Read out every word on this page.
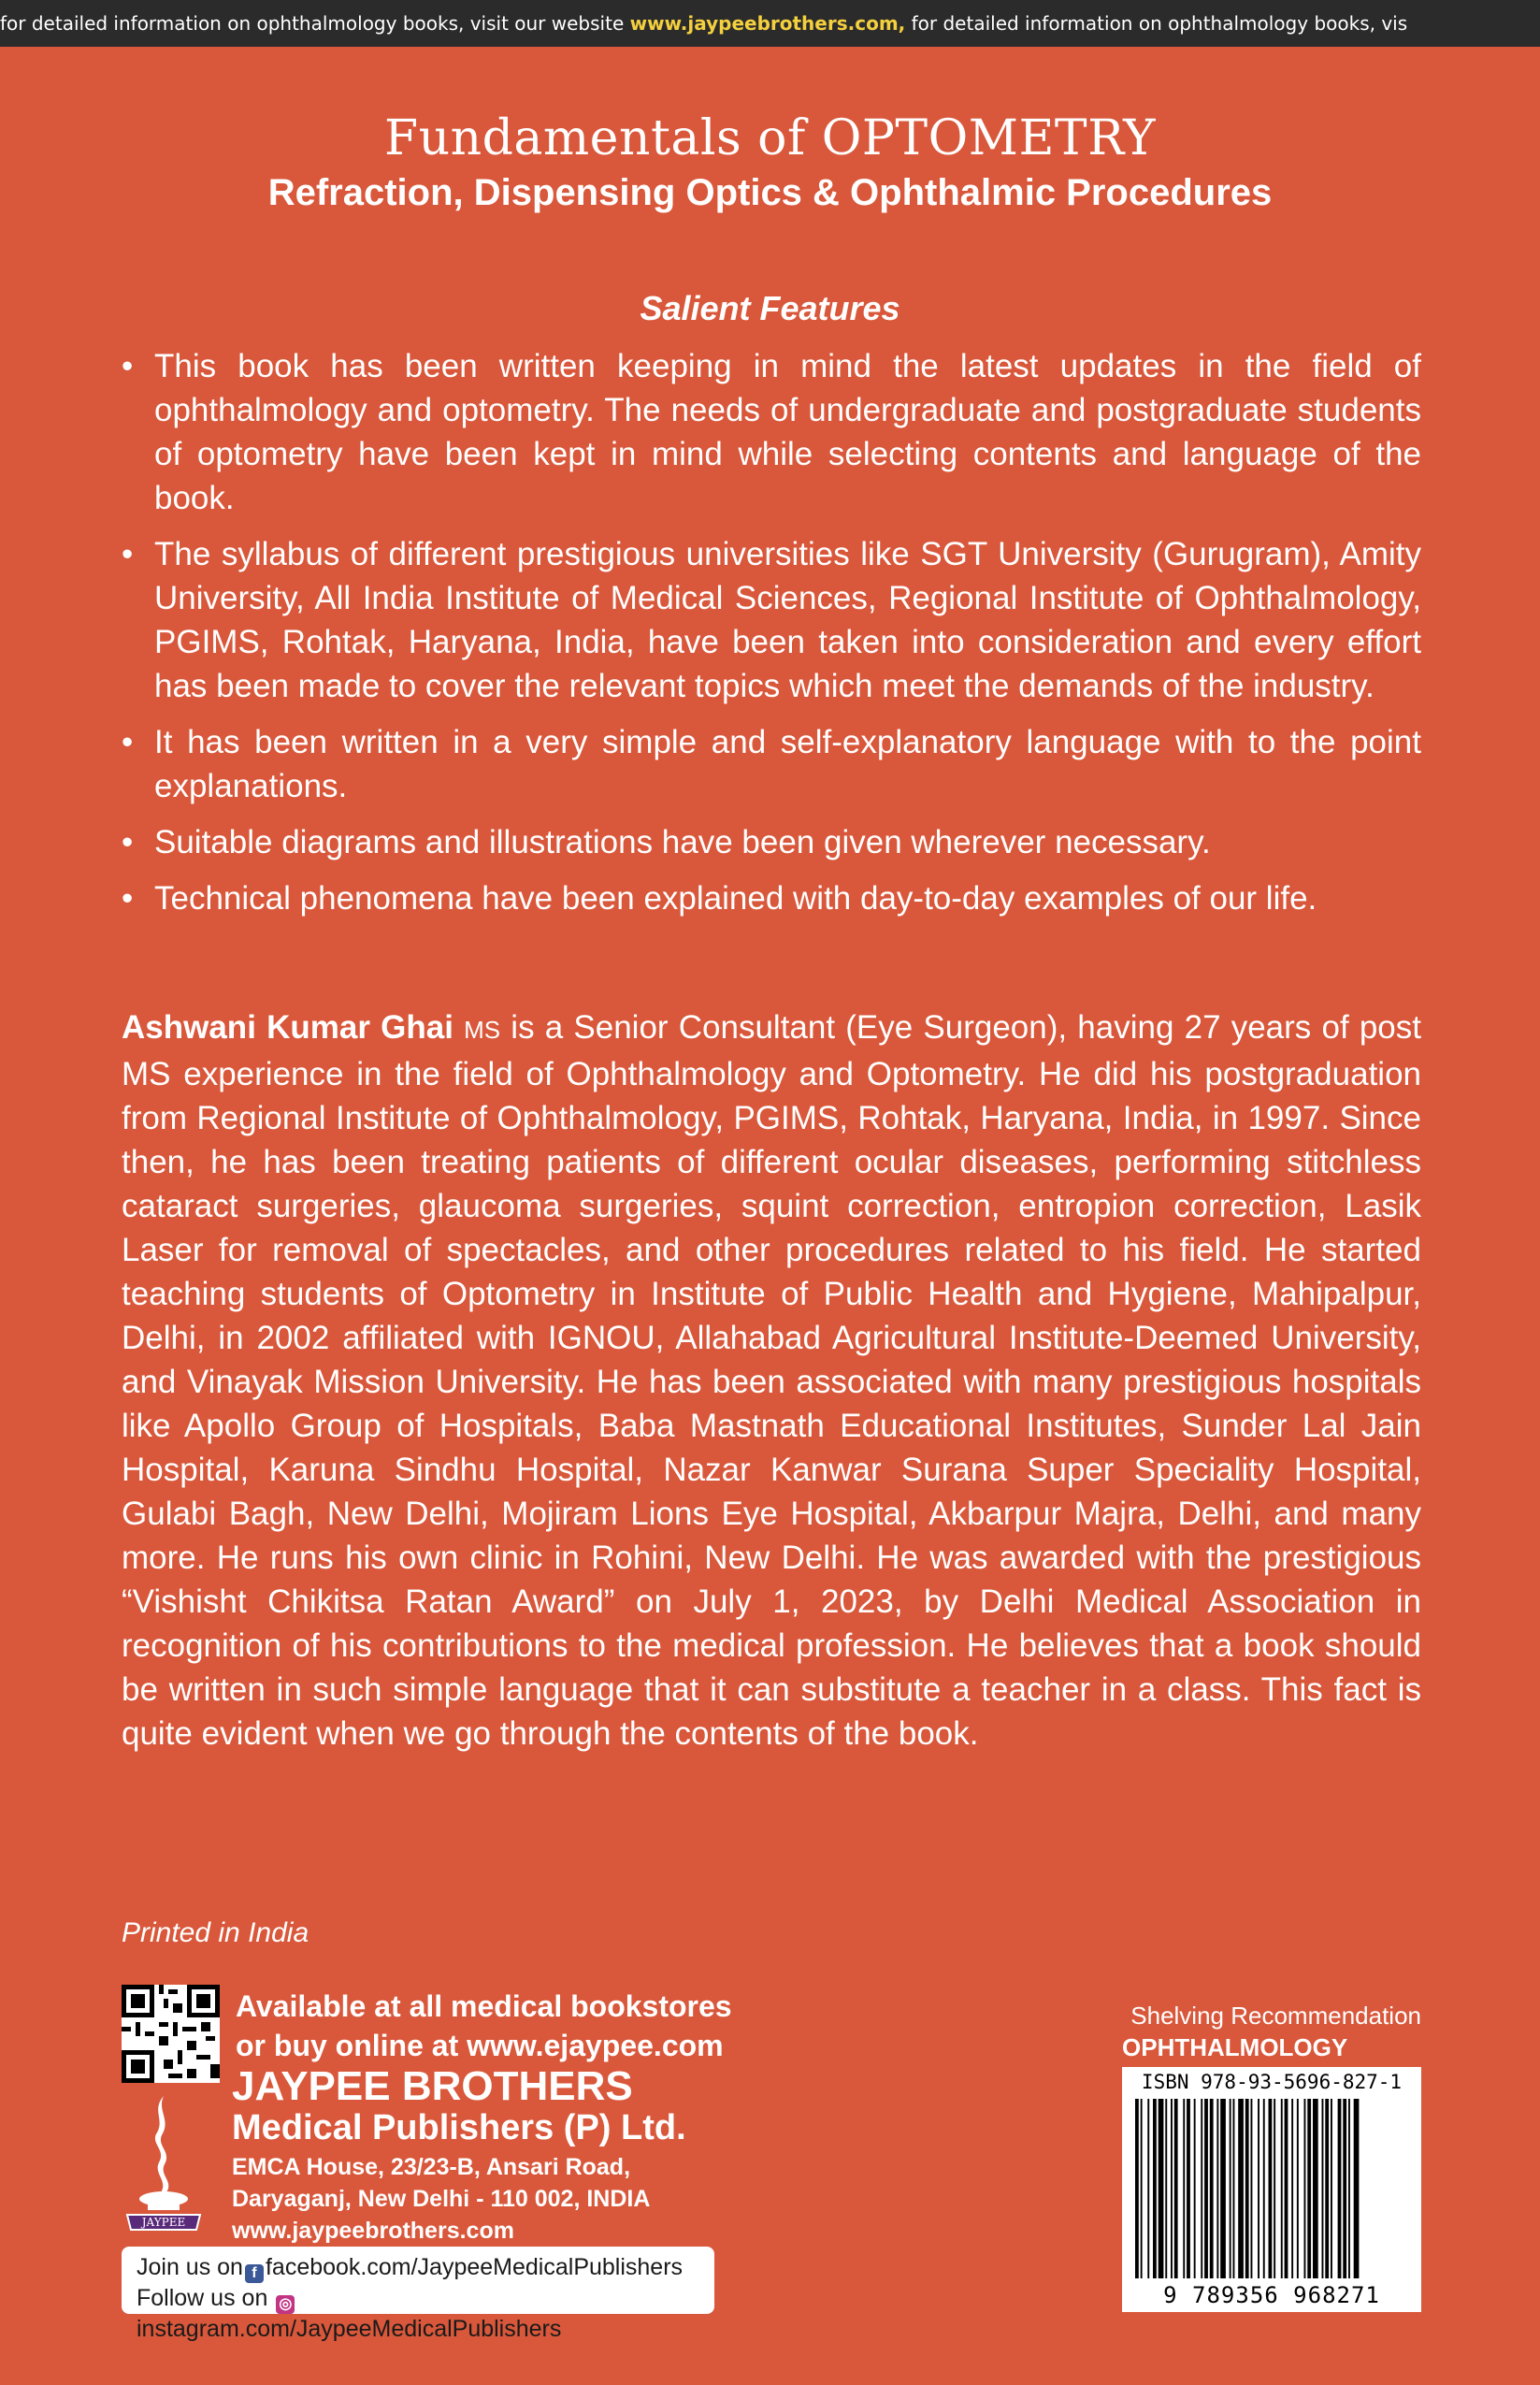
for detailed information on ophthalmology books, visit our website www.jaypeebrothers.com, for detailed information on ophthalmology books, vis
Fundamentals of OPTOMETRY
Refraction, Dispensing Optics & Ophthalmic Procedures
Salient Features
• This book has been written keeping in mind the latest updates in the field of ophthalmology and optometry. The needs of undergraduate and postgraduate students of optometry have been kept in mind while selecting contents and language of the book.
• The syllabus of different prestigious universities like SGT University (Gurugram), Amity University, All India Institute of Medical Sciences, Regional Institute of Ophthalmology, PGIMS, Rohtak, Haryana, India, have been taken into consideration and every effort has been made to cover the relevant topics which meet the demands of the industry.
• It has been written in a very simple and self-explanatory language with to the point explanations.
• Suitable diagrams and illustrations have been given wherever necessary.
• Technical phenomena have been explained with day-to-day examples of our life.

Ashwani Kumar Ghai MS is a Senior Consultant (Eye Surgeon), having 27 years of post MS experience in the field of Ophthalmology and Optometry. He did his postgraduation from Regional Institute of Ophthalmology, PGIMS, Rohtak, Haryana, India, in 1997. Since then, he has been treating patients of different ocular diseases, performing stitchless cataract surgeries, glaucoma surgeries, squint correction, entropion correction, Lasik Laser for removal of spectacles, and other procedures related to his field. He started teaching students of Optometry in Institute of Public Health and Hygiene, Mahipalpur, Delhi, in 2002 affiliated with IGNOU, Allahabad Agricultural Institute-Deemed University, and Vinayak Mission University. He has been associated with many prestigious hospitals like Apollo Group of Hospitals, Baba Mastnath Educational Institutes, Sunder Lal Jain Hospital, Karuna Sindhu Hospital, Nazar Kanwar Surana Super Speciality Hospital, Gulabi Bagh, New Delhi, Mojiram Lions Eye Hospital, Akbarpur Majra, Delhi, and many more. He runs his own clinic in Rohini, New Delhi. He was awarded with the prestigious “Vishisht Chikitsa Ratan Award” on July 1, 2023, by Delhi Medical Association in recognition of his contributions to the medical profession. He believes that a book should be written in such simple language that it can substitute a teacher in a class. This fact is quite evident when we go through the contents of the book.

Printed in India
Available at all medical bookstores
or buy online at www.ejaypee.com
JAYPEE
JAYPEE BROTHERS
Medical Publishers (P) Ltd.
EMCA House, 23/23-B, Ansari Road,
Daryaganj, New Delhi - 110 002, INDIA
www.jaypeebrothers.com
Join us on f facebook.com/JaypeeMedicalPublishers
Follow us on ◎instagram.com/JaypeeMedicalPublishers
Shelving Recommendation
OPHTHALMOLOGY
ISBN 978-93-5696-827-1
9 789356 968271
